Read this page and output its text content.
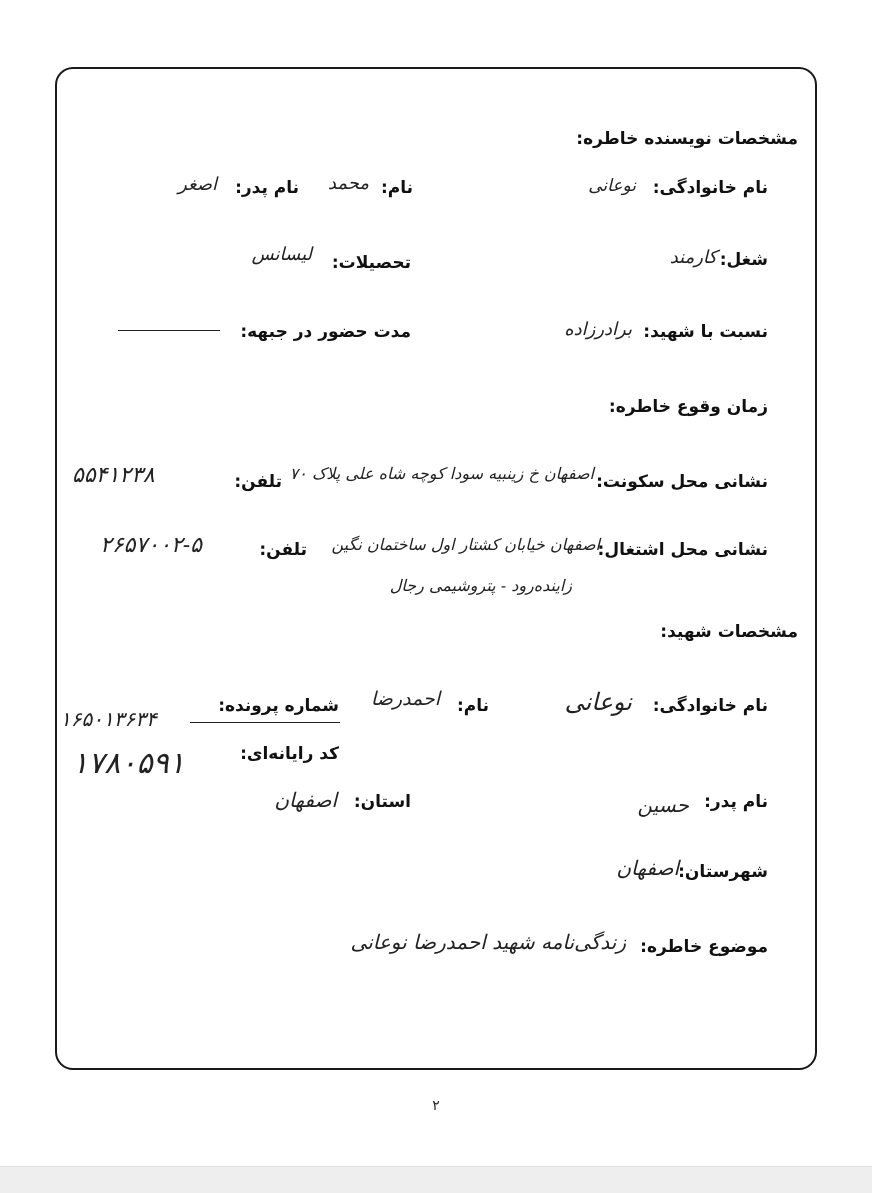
مشخصات نویسنده خاطره:
نام خانوادگی:
نوعانی
نام:
محمد
نام پدر:
اصغر
شغل:
کارمند
تحصیلات:
لیسانس
نسبت با شهید:
برادرزاده
مدت حضور در جبهه:
زمان وقوع خاطره:
نشانی محل سکونت:
اصفهان خ زینبیه سودا کوچه شاه علی پلاک ۷۰
تلفن:
۵۵۴۱۲۳۸
نشانی محل اشتغال:
اصفهان خیابان کشتار اول ساختمان نگین
زاینده‌رود - پتروشیمی رجال
تلفن:
۲۶۵۷۰۰۲-۵
مشخصات شهید:
نام خانوادگی:
نوعانی
نام:
احمدرضا
شماره پرونده:
۱۶۵۰۱۳۶۳۴
کد رایانه‌ای:
۱۷۸۰۵۹۱
نام پدر:
حسین
استان:
اصفهان
شهرستان:
اصفهان
موضوع خاطره:
زندگی‌نامه شهید احمدرضا نوعانی
۲
